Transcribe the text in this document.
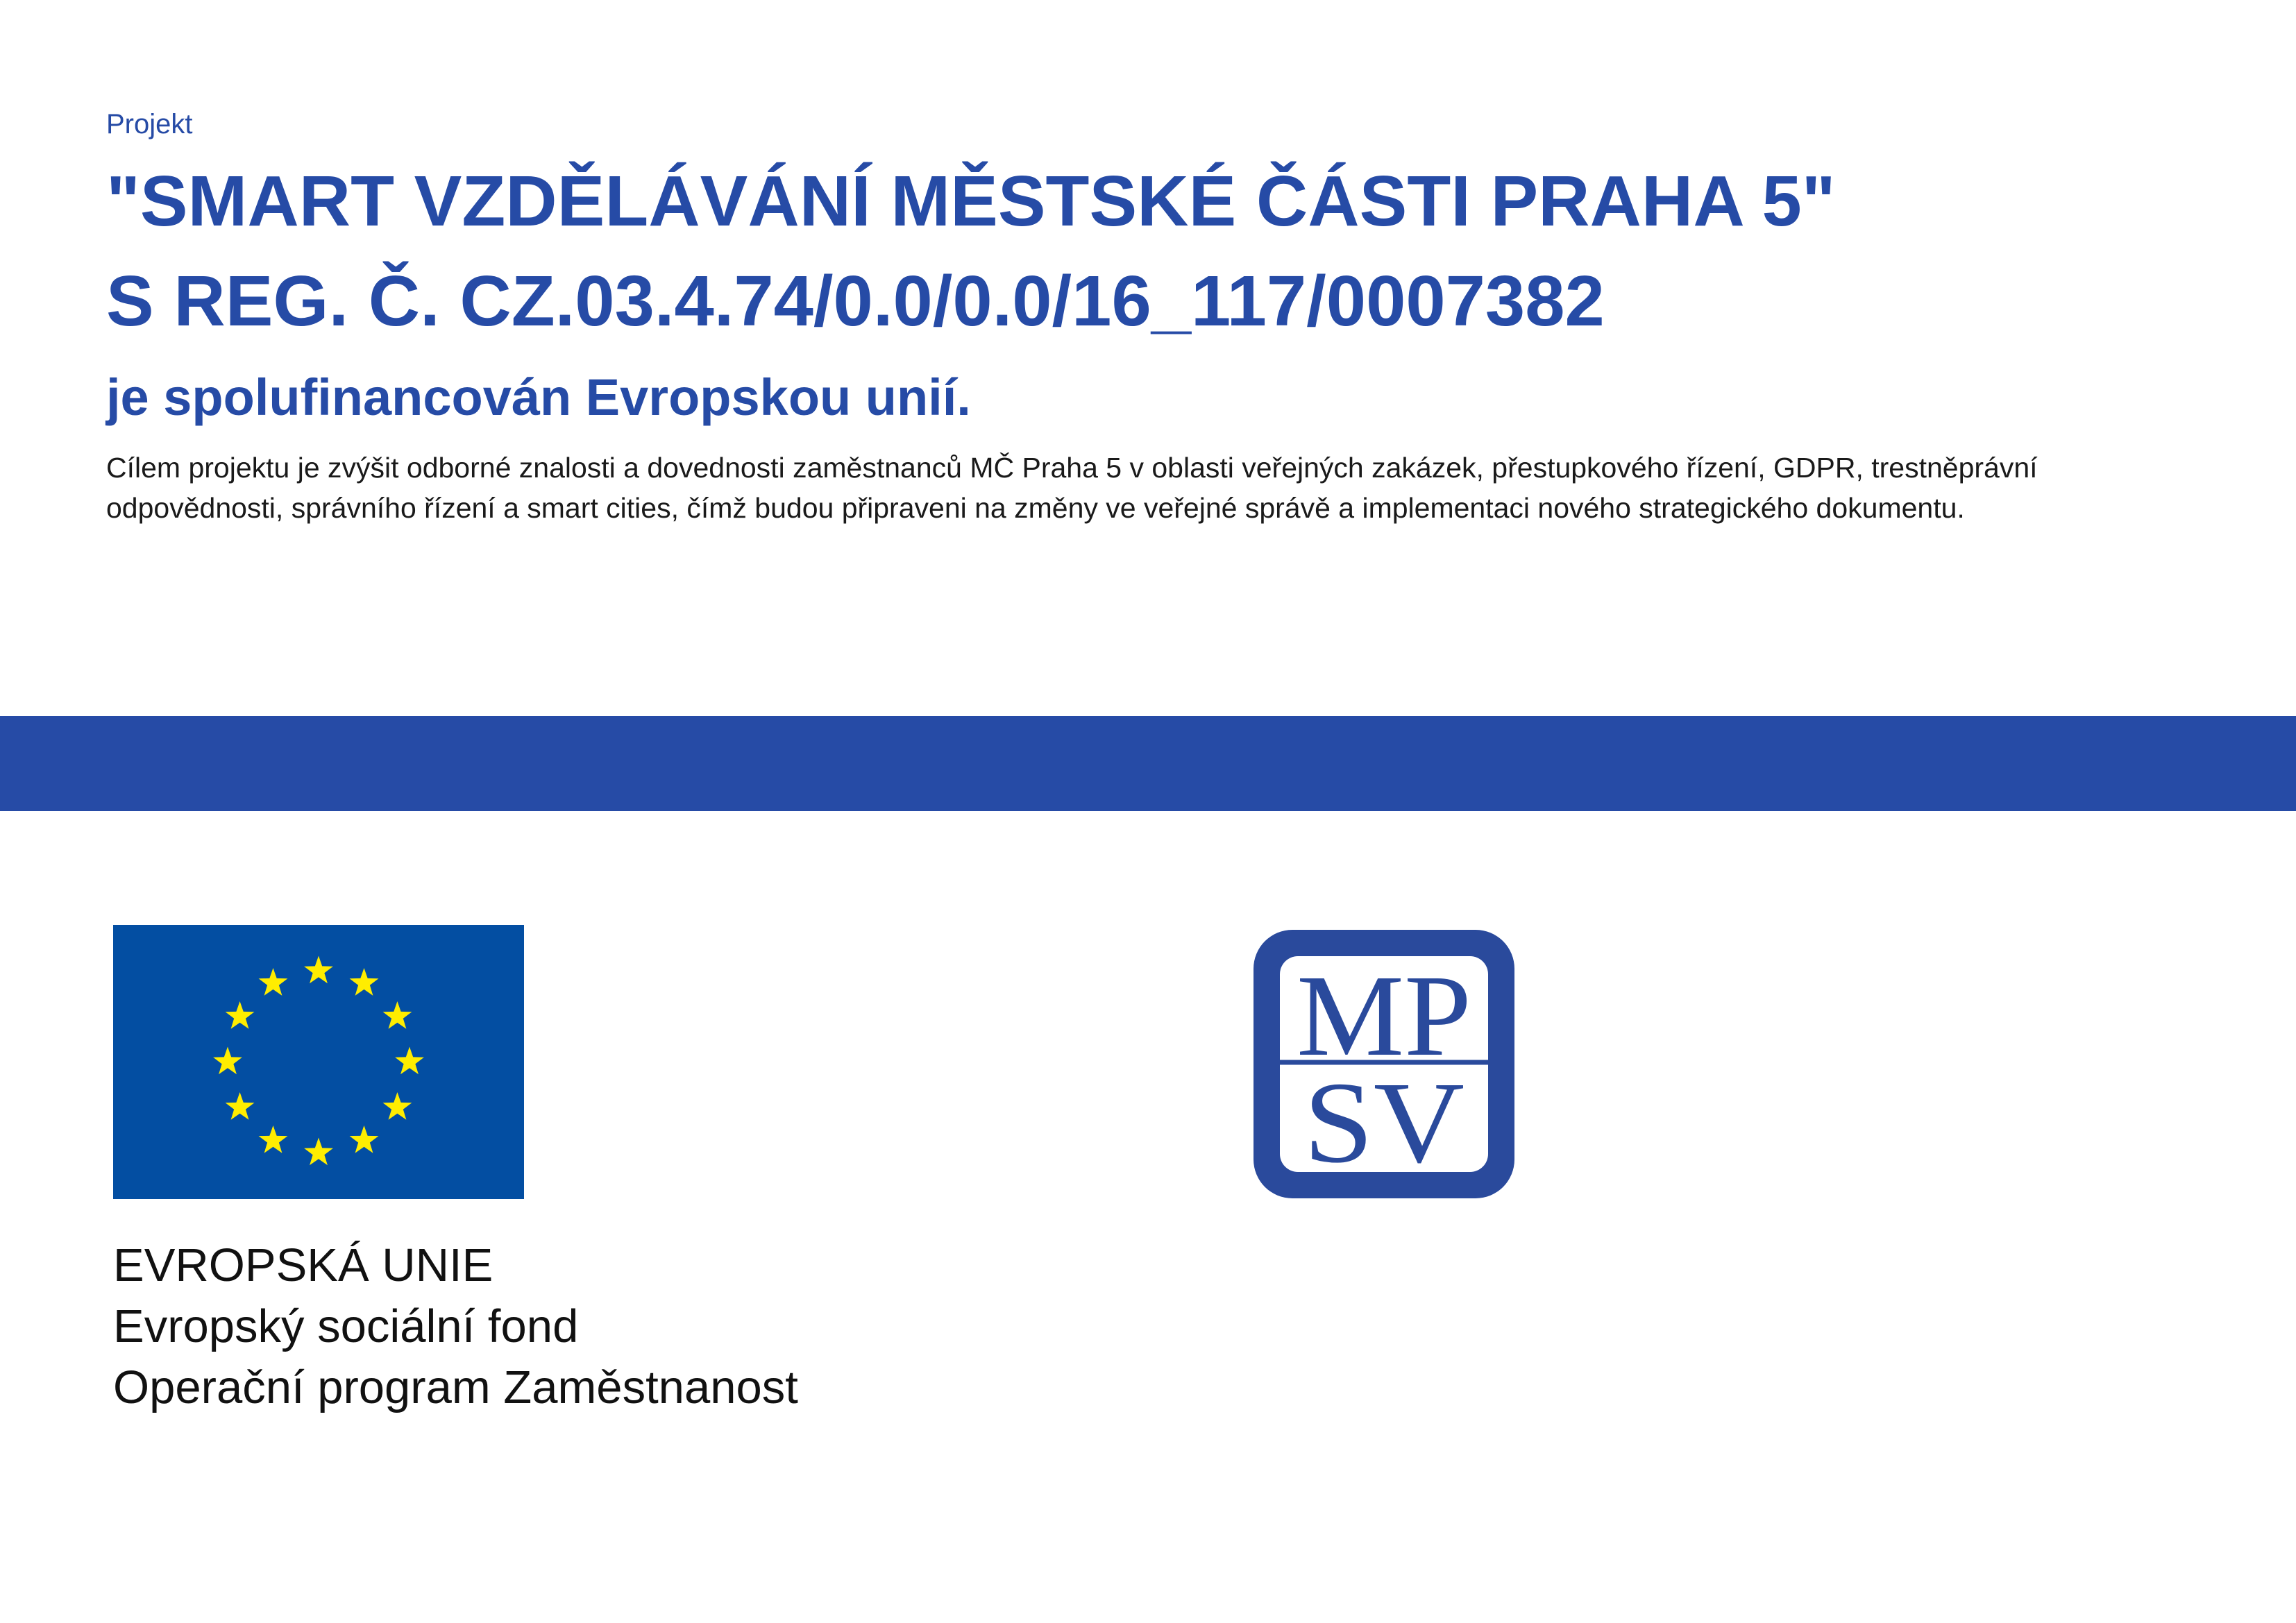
Projekt
"SMART VZDĚLÁVÁNÍ MĚSTSKÉ ČÁSTI PRAHA 5"
S REG. Č. CZ.03.4.74/0.0/0.0/16_117/0007382
je spolufinancován Evropskou unií.
Cílem projektu je zvýšit odborné znalosti a dovednosti zaměstnanců MČ Praha 5 v oblasti veřejných zakázek, přestupkového řízení, GDPR, trestněprávní odpovědnosti, správního řízení a smart cities, čímž budou připraveni na změny ve veřejné správě a implementaci nového strategického dokumentu.
EVROPSKÁ UNIE
Evropský sociální fond
Operační program Zaměstnanost
MP
SV
